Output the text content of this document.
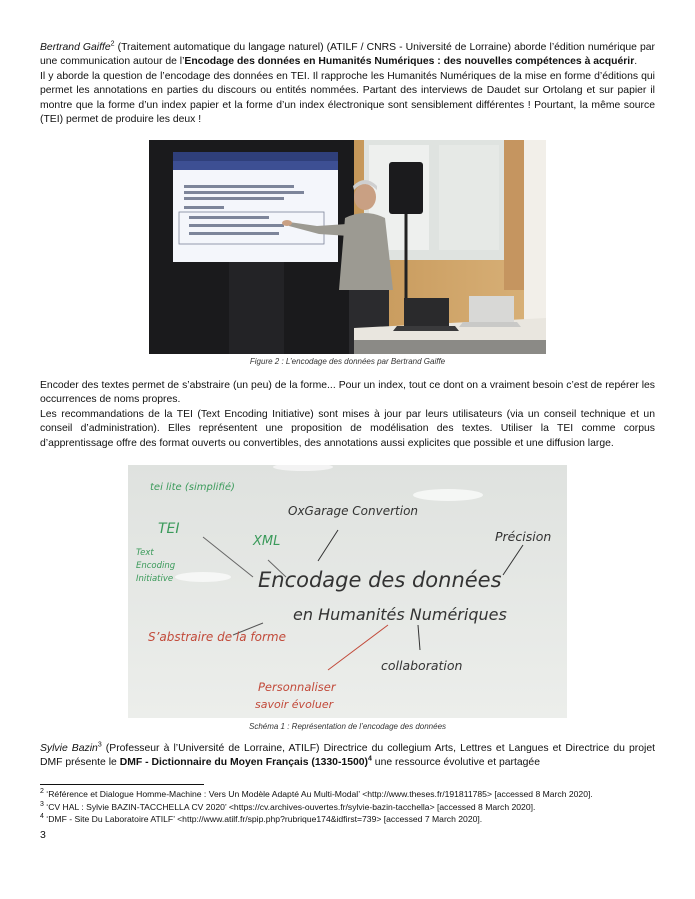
Bertrand Gaiffe$^2$ (Traitement automatique du langage naturel) (ATILF / CNRS - Université de Lorraine) aborde l’édition numérique par une communication autour de l’Encodage des données en Humanités Numériques : des nouvelles compétences à acquérir.

Il y aborde la question de l’encodage des données en TEI. Il rapproche les Humanités Numériques de la mise en forme d’éditions qui permet les annotations en parties du discours ou entités nommées. Partant des interviews de Daudet sur Ortolang et sur papier il montre que la forme d’un index papier et la forme d’un index électronique sont sensiblement différentes ! Pourtant, la même source (TEI) permet de produire les deux !

Figure 2 : L’encodage des données par Bertrand Gaiffe

Encoder des textes permet de s’abstraire (un peu) de la forme... Pour un index, tout ce dont on a vraiment besoin c’est de repérer les occurrences de noms propres.

Les recommandations de la TEI (Text Encoding Initiative) sont mises à jour par leurs utilisateurs (via un conseil technique et un conseil d’administration). Elles représentent une proposition de modélisation des textes. Utiliser la TEI comme corpus d’apprentissage offre des format ouverts ou convertibles, des annotations aussi explicites que possible et une diffusion large.

tei lite (simplifié)
TEI
Text
Encoding
Initiative
XML
OxGarage Convertion
Précision
Encodage des données
en Humanités Numériques
S’abstraire de la forme
collaboration
Personnaliser
savoir évoluer
Schéma 1 : Représentation de l’encodage des données

Sylvie Bazin$^3$ (Professeur à l’Université de Lorraine, ATILF) Directrice du collegium Arts, Lettres et Langues et Directrice du projet DMF présente le DMF - Dictionnaire du Moyen Français (1330-1500)$^4$ une ressource évolutive et partagée

$^2$ ‘Référence et Dialogue Homme-Machine : Vers Un Modèle Adapté Au Multi-Modal’ <http://www.theses.fr/191811785> [accessed 8 March 2020].
$^3$ ‘CV HAL : Sylvie BAZIN-TACCHELLA CV 2020’ <https://cv.archives-ouvertes.fr/sylvie-bazin-tacchella> [accessed 8 March 2020].
$^4$ ‘DMF - Site Du Laboratoire ATILF’ <http://www.atilf.fr/spip.php?rubrique174&idfirst=739> [accessed 7 March 2020].
3
